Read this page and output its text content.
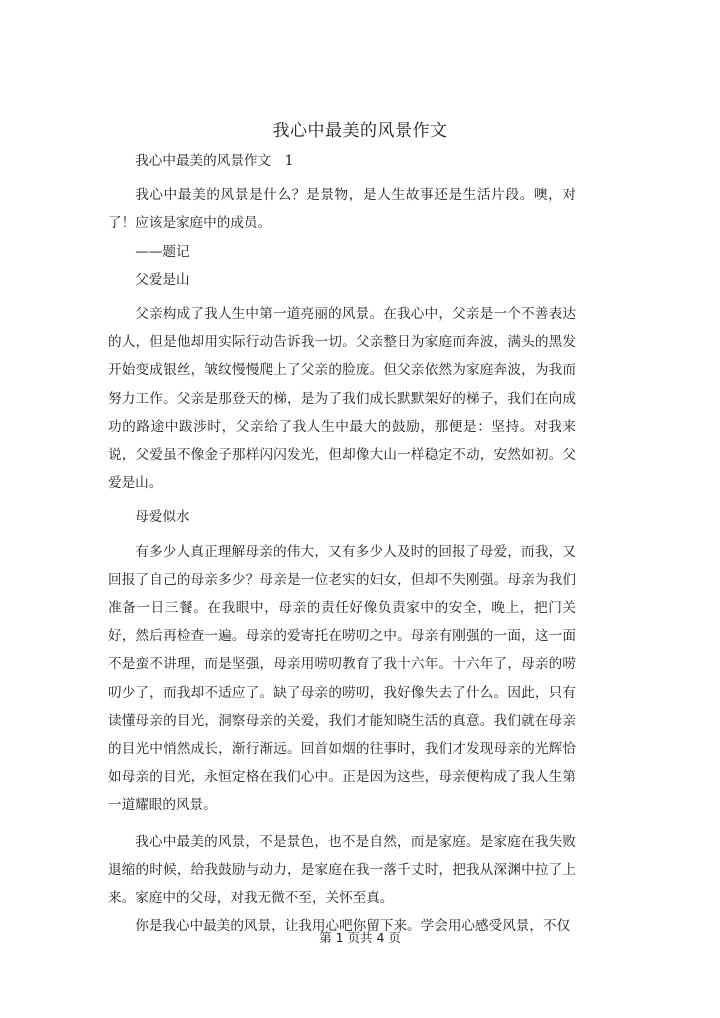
我心中最美的风景作文

我心中最美的风景作文　1

我心中最美的风景是什么？是景物，是人生故事还是生活片段。噢，对了！应该是家庭中的成员。

——题记

父爱是山

父亲构成了我人生中第一道亮丽的风景。在我心中，父亲是一个不善表达的人，但是他却用实际行动告诉我一切。父亲整日为家庭而奔波，满头的黑发开始变成银丝，皱纹慢慢爬上了父亲的脸庞。但父亲依然为家庭奔波，为我而努力工作。父亲是那登天的梯，是为了我们成长默默架好的梯子，我们在向成功的路途中跋涉时，父亲给了我人生中最大的鼓励，那便是：坚持。对我来说，父爱虽不像金子那样闪闪发光，但却像大山一样稳定不动，安然如初。父爱是山。

母爱似水

有多少人真正理解母亲的伟大，又有多少人及时的回报了母爱，而我，又回报了自己的母亲多少？母亲是一位老实的妇女，但却不失刚强。母亲为我们准备一日三餐。在我眼中，母亲的责任好像负责家中的安全，晚上，把门关好，然后再检查一遍。母亲的爱寄托在唠叨之中。母亲有刚强的一面，这一面不是蛮不讲理，而是坚强，母亲用唠叨教育了我十六年。十六年了，母亲的唠叨少了，而我却不适应了。缺了母亲的唠叨，我好像失去了什么。因此，只有读懂母亲的目光，洞察母亲的关爱，我们才能知晓生活的真意。我们就在母亲的目光中悄然成长，渐行渐远。回首如烟的往事时，我们才发现母亲的光辉恰如母亲的目光，永恒定格在我们心中。正是因为这些，母亲便构成了我人生第一道耀眼的风景。

我心中最美的风景，不是景色，也不是自然，而是家庭。是家庭在我失败退缩的时候，给我鼓励与动力，是家庭在我一落千丈时，把我从深渊中拉了上来。家庭中的父母，对我无微不至，关怀至真。

你是我心中最美的风景，让我用心吧你留下来。学会用心感受风景，不仅

第 1 页共 4 页
